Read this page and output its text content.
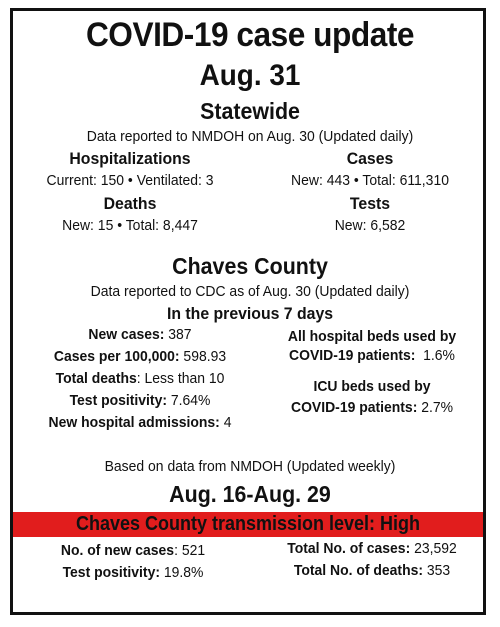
COVID-19 case update
Aug. 31
Statewide
Data reported to NMDOH on Aug. 30 (Updated daily)
Hospitalizations
Current: 150 • Ventilated: 3
Cases
New: 443 • Total: 611,310
Deaths
New: 15 • Total: 8,447
Tests
New: 6,582
Chaves County
Data reported to CDC as of Aug. 30 (Updated daily)
In the previous 7 days
New cases: 387
Cases per 100,000: 598.93
Total deaths: Less than 10
Test positivity: 7.64%
New hospital admissions: 4
All hospital beds used by
COVID-19 patients:  1.6%
ICU beds used by
COVID-19 patients: 2.7%
Based on data from NMDOH (Updated weekly)
Aug. 16-Aug. 29
Chaves County transmission level: High
No. of new cases: 521
Test positivity: 19.8%
Total No. of cases: 23,592
Total No. of deaths: 353
